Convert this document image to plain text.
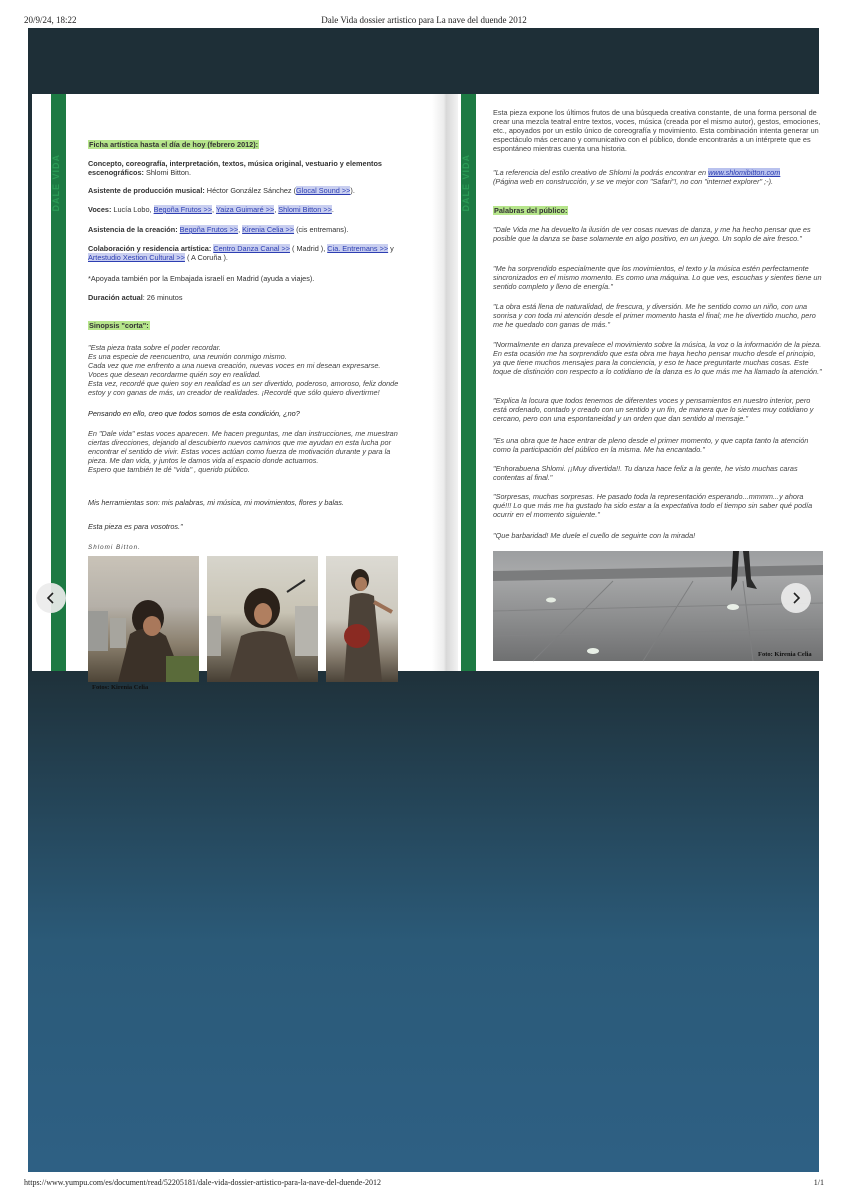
20/9/24, 18:22	Dale Vida dossier artistico para La nave del duende 2012
DALE VIDA
Ficha artística hasta el día de hoy (febrero 2012):
Concepto, coreografía, interpretación, textos, música original, vestuario y elementos escenográficos: Shlomi Bitton.
Asistente de producción musical: Héctor González Sánchez (Glocal Sound >>).
Voces: Lucía Lobo, Begoña Frutos >>, Yaiza Guimaré >>, Shlomi Bitton >>.
Asistencia de la creación: Begoña Frutos >>, Kirenia Celia >> (cis entremans).
Colaboración y residencia artística: Centro Danza Canal >> ( Madrid ), Cia. Entremans >> y Artestudio Xestion Cultural >> ( A Coruña ).
*Apoyada también por la Embajada israelí en Madrid (ayuda a viajes).
Duración actual: 26 minutos
Sinopsis "corta":
"Esta pieza trata sobre el poder recordar.
Es una especie de reencuentro, una reunión conmigo mismo.
Cada vez que me enfrento a una nueva creación, nuevas voces en mi desean expresarse. Voces que desean recordarme quién soy en realidad.
Esta vez, recordé que quien soy en realidad es un ser divertido, poderoso, amoroso, feliz donde estoy y con ganas de más, un creador de realidades. ¡Recordé que sólo quiero divertirme!
Pensando en ello, creo que todos somos de esta condición, ¿no?
En "Dale vida" estas voces aparecen. Me hacen preguntas, me dan instrucciones, me muestran ciertas direcciones, dejando al descubierto nuevos caminos que me ayudan en esta lucha por encontrar el sentido de vivir. Estas voces actúan como fuerza de motivación durante y para la pieza. Me dan vida, y juntos le damos vida al espacio donde actuamos.
Espero que también te dé "vida" , querido público.
Mis herramientas son: mis palabras, mi música, mi movimientos, flores y balas.
Esta pieza es para vosotros."
Shlomi Bitton.
Fotos: Kirenia Celia
DALE VIDA
Esta pieza expone los últimos frutos de una búsqueda creativa constante, de una forma personal de crear una mezcla teatral entre textos, voces, música (creada por el mismo autor), gestos, emociones, etc., apoyados por un estilo único de coreografía y movimiento. Esta combinación intenta generar un espectáculo más cercano y comunicativo con el público, donde encontrarás a un intérprete que es espontáneo mientras cuenta una historia.
"La referencia del estilo creativo de Shlomi la podrás encontrar en www.shlomibitton.com
(Página web en construcción, y se ve mejor con "Safari"!, no con "internet explorer" ;-).
Palabras del público:
"Dale Vida me ha devuelto la ilusión de ver cosas nuevas de danza, y me ha hecho pensar que es posible que la danza se base solamente en algo positivo, en un juego. Un soplo de aire fresco."
"Me ha sorprendido especialmente que los movimientos, el texto y la música estén perfectamente sincronizados en el mismo momento. Es como una máquina. Lo que ves, escuchas y sientes tiene un sentido completo y lleno de energía."
"La obra está llena de naturalidad, de frescura, y diversión. Me he sentido como un niño, con una sonrisa y con toda mi atención desde el primer momento hasta el final; me he divertido mucho, pero me he quedado con ganas de más."
"Normalmente en danza prevalece el movimiento sobre la música, la voz o la información de la pieza. En esta ocasión me ha sorprendido que esta obra me haya hecho pensar mucho desde el principio, ya que tiene muchos mensajes para la conciencia, y eso te hace preguntarte muchas cosas. Este toque de distinción con respecto a lo cotidiano de la danza es lo que más me ha llamado la atención."
"Explica la locura que todos tenemos de diferentes voces y pensamientos en nuestro interior, pero está ordenado, contado y creado con un sentido y un fin, de manera que lo sientes muy cotidiano y cercano, pero con una espontaneidad y un orden que dan sentido al mensaje."
"Es una obra que te hace entrar de pleno desde el primer momento, y que capta tanto la atención como la participación del público en la misma. Me ha encantado."
"Enhorabuena Shlomi. ¡¡Muy divertida!!. Tu danza hace feliz a la gente, he visto muchas caras contentas al final."
"Sorpresas, muchas sorpresas. He pasado toda la representación esperando...mmmm...y ahora qué!!! Lo que más me ha gustado ha sido estar a la expectativa todo el tiempo sin saber qué podía ocurrir en el momento siguiente."
"Que barbaridad! Me duele el cuello de seguirte con la mirada!
Foto: Kirenia Celia
https://www.yumpu.com/es/document/read/52205181/dale-vida-dossier-artistico-para-la-nave-del-duende-2012	1/1
